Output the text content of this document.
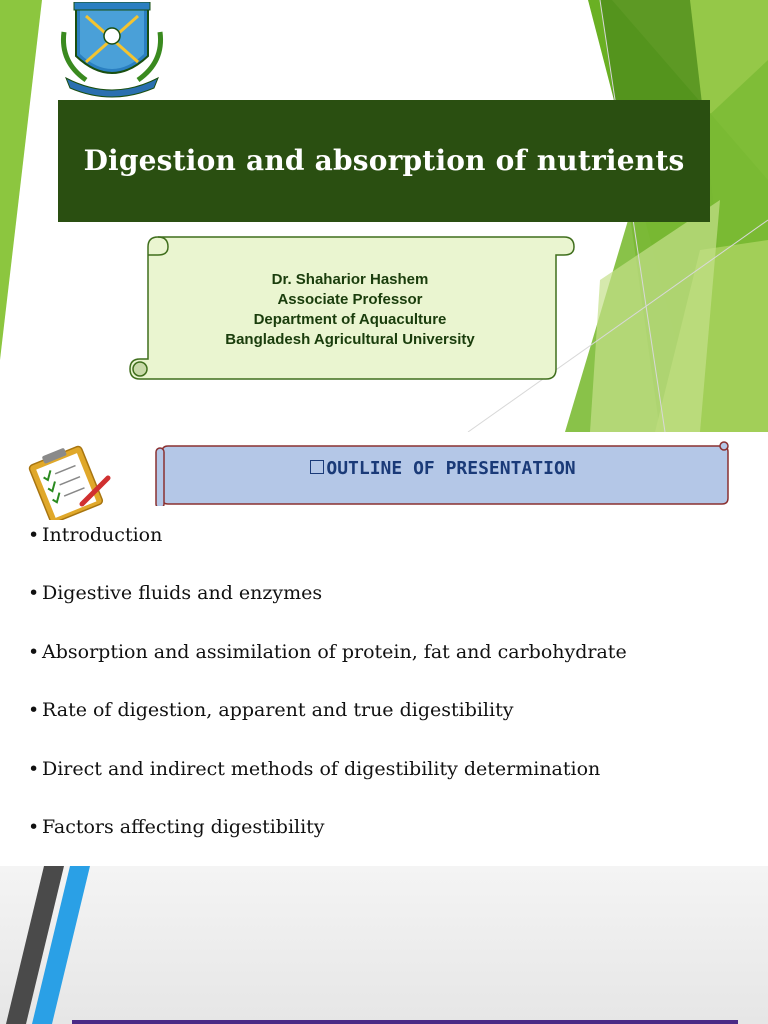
Digestion and absorption of nutrients
Dr. Shaharior Hashem
Associate Professor
Department of Aquaculture
Bangladesh Agricultural University
OUTLINE OF PRESENTATION
• Introduction
• Digestive fluids and enzymes
• Absorption and assimilation of protein, fat and carbohydrate
• Rate of digestion, apparent and true digestibility
• Direct and indirect methods of digestibility determination
• Factors affecting digestibility
